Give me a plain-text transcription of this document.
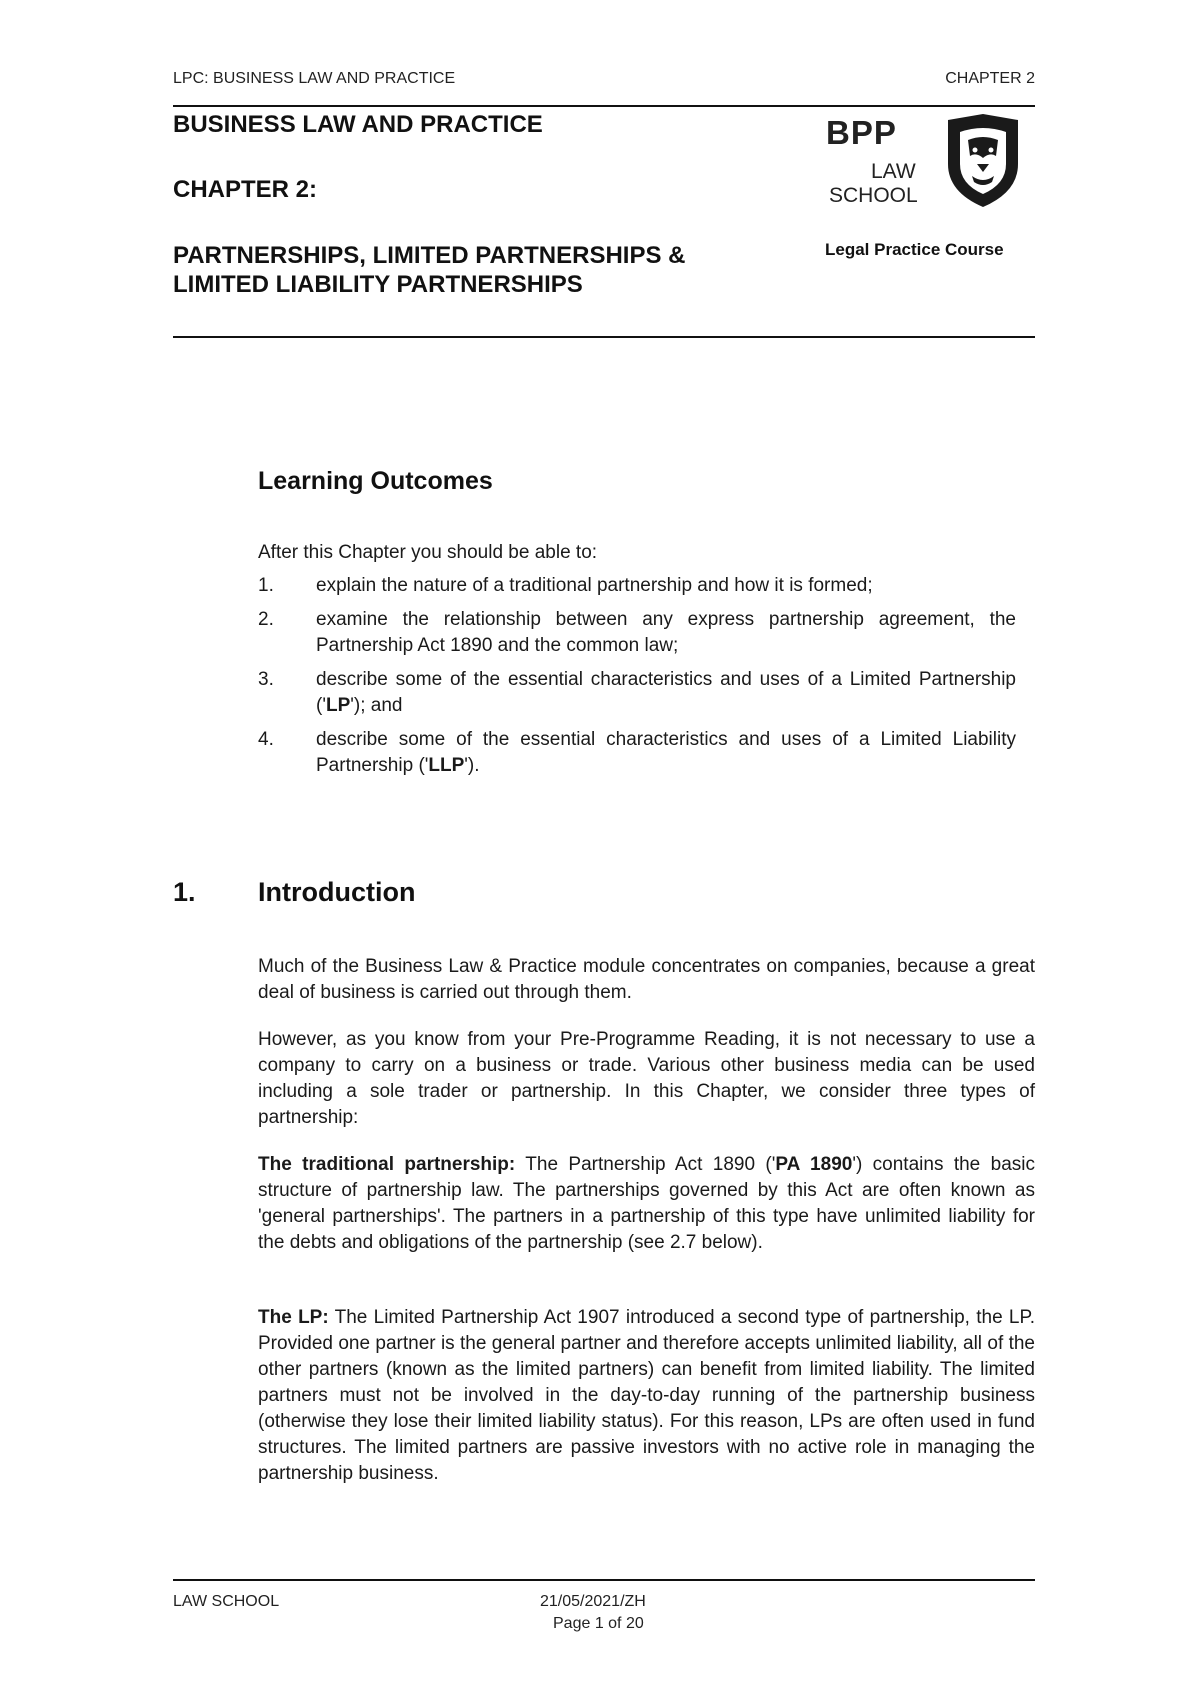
LPC: BUSINESS LAW AND PRACTICE	CHAPTER 2
BUSINESS LAW AND PRACTICE
CHAPTER 2:
PARTNERSHIPS, LIMITED PARTNERSHIPS &
LIMITED LIABILITY PARTNERSHIPS
BPP
LAW
SCHOOL
Legal Practice Course
Learning Outcomes
After this Chapter you should be able to:
1.	explain the nature of a traditional partnership and how it is formed;
2.	examine the relationship between any express partnership agreement, the Partnership Act 1890 and the common law;
3.	describe some of the essential characteristics and uses of a Limited Partnership ('LP'); and
4.	describe some of the essential characteristics and uses of a Limited Liability Partnership ('LLP').
1. Introduction
Much of the Business Law & Practice module concentrates on companies, because a great deal of business is carried out through them.
However, as you know from your Pre-Programme Reading, it is not necessary to use a company to carry on a business or trade. Various other business media can be used including a sole trader or partnership. In this Chapter, we consider three types of partnership:
The traditional partnership: The Partnership Act 1890 ('PA 1890') contains the basic structure of partnership law. The partnerships governed by this Act are often known as 'general partnerships'. The partners in a partnership of this type have unlimited liability for the debts and obligations of the partnership (see 2.7 below).
The LP: The Limited Partnership Act 1907 introduced a second type of partnership, the LP. Provided one partner is the general partner and therefore accepts unlimited liability, all of the other partners (known as the limited partners) can benefit from limited liability. The limited partners must not be involved in the day-to-day running of the partnership business (otherwise they lose their limited liability status). For this reason, LPs are often used in fund structures. The limited partners are passive investors with no active role in managing the partnership business.
LAW SCHOOL	21/05/2021/ZH
Page 1 of 20
